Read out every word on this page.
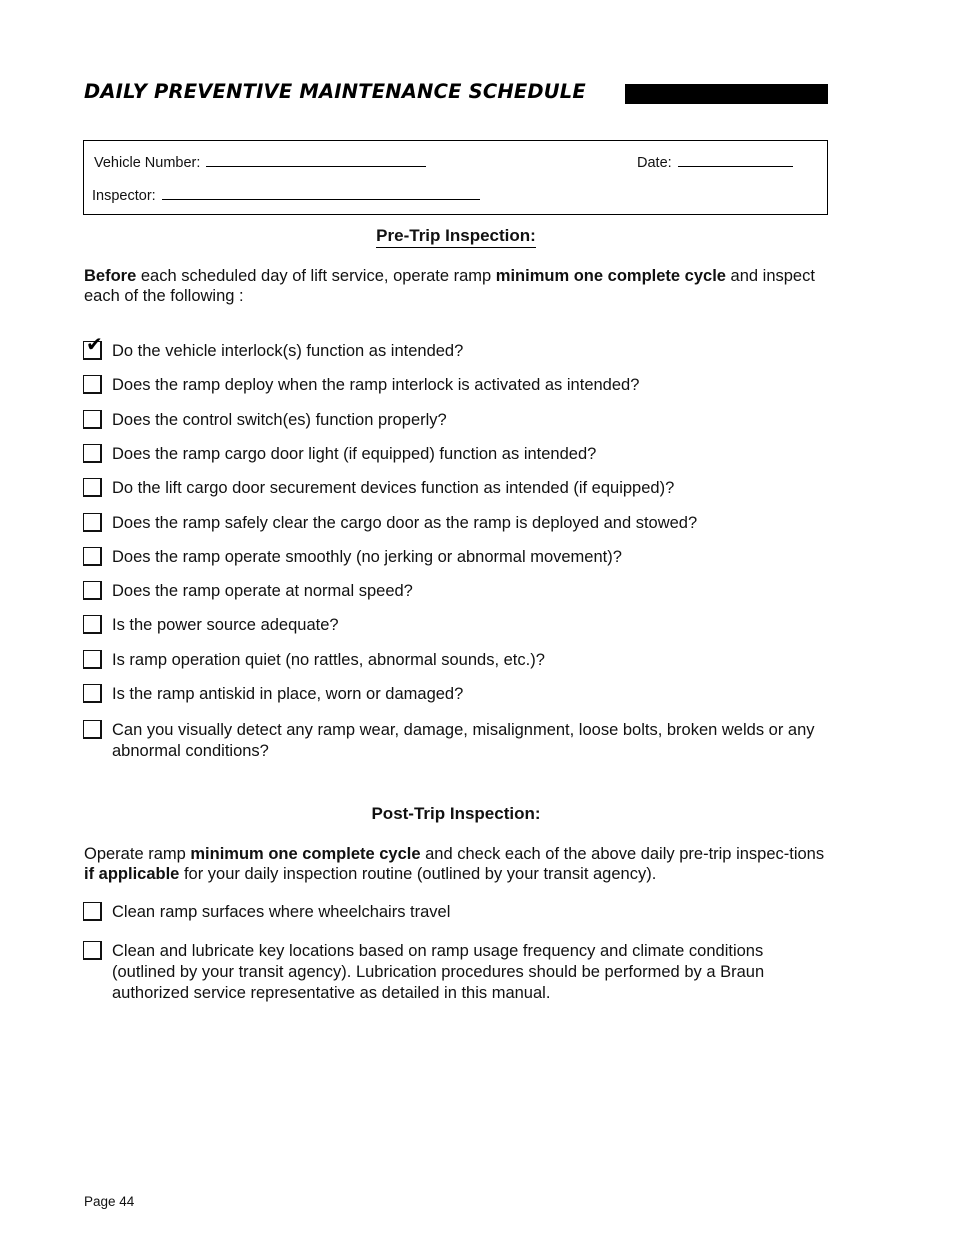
DAILY PREVENTIVE MAINTENANCE SCHEDULE
Vehicle Number:	Date:
Inspector:
Pre-Trip Inspection:
Before each scheduled day of lift service, operate ramp minimum one complete cycle and inspect each of the following :
✔ Do the vehicle interlock(s) function as intended?
Does the ramp deploy when the ramp interlock is activated as intended?
Does the control switch(es) function properly?
Does the ramp cargo door light (if equipped) function as intended?
Do the lift cargo door securement devices function as intended (if equipped)?
Does the ramp safely clear the cargo door as the ramp is deployed and stowed?
Does the ramp operate smoothly (no jerking or abnormal movement)?
Does the ramp operate at normal speed?
Is the power source adequate?
Is ramp operation quiet (no rattles, abnormal sounds, etc.)?
Is the ramp antiskid in place, worn or damaged?
Can you visually detect any ramp wear, damage, misalignment, loose bolts, broken welds or any abnormal conditions?
Post-Trip Inspection:
Operate ramp minimum one complete cycle and check each of the above daily pre-trip inspec-tions if applicable for your daily inspection routine (outlined by your transit agency).
Clean ramp surfaces where wheelchairs travel
Clean and lubricate key locations based on ramp usage frequency and climate conditions (outlined by your transit agency). Lubrication procedures should be performed by a Braun authorized service representative as detailed in this manual.
Page 44
